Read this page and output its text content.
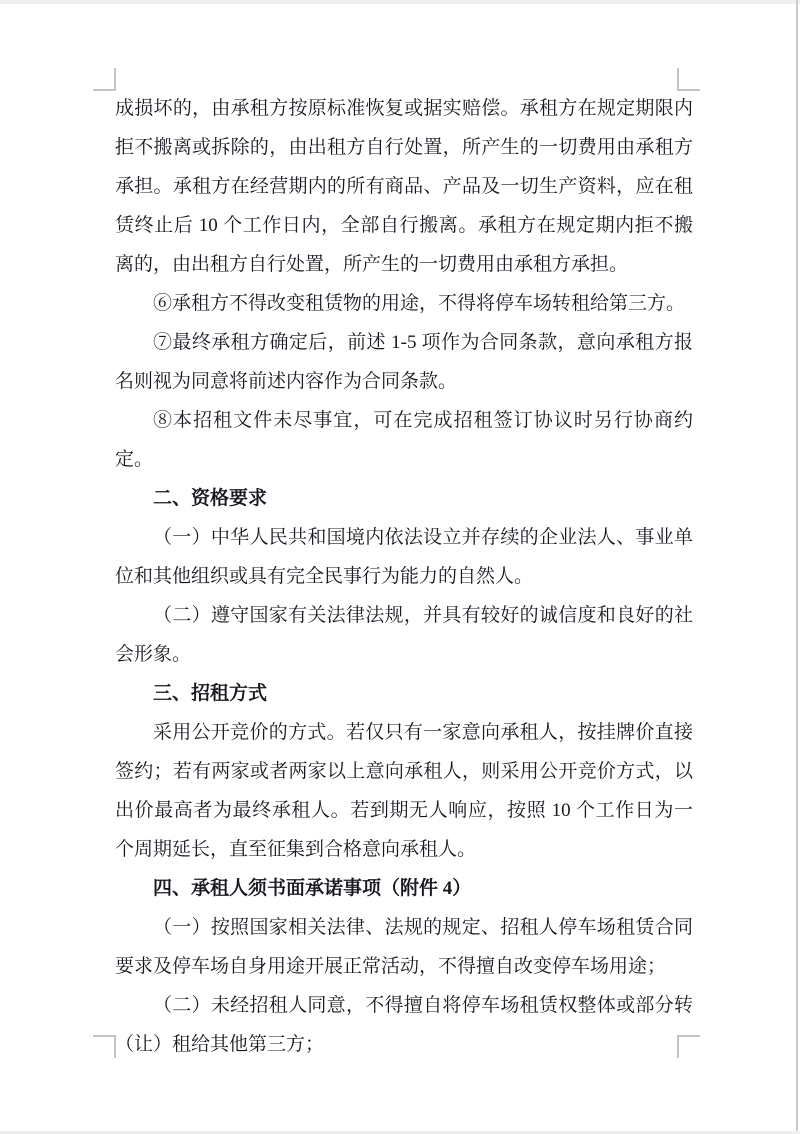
成损坏的，由承租方按原标准恢复或据实赔偿。承租方在规定期限内拒不搬离或拆除的，由出租方自行处置，所产生的一切费用由承租方承担。承租方在经营期内的所有商品、产品及一切生产资料，应在租赁终止后 10 个工作日内，全部自行搬离。承租方在规定期内拒不搬离的，由出租方自行处置，所产生的一切费用由承租方承担。

⑥承租方不得改变租赁物的用途，不得将停车场转租给第三方。

⑦最终承租方确定后，前述 1-5 项作为合同条款，意向承租方报名则视为同意将前述内容作为合同条款。

⑧本招租文件未尽事宜，可在完成招租签订协议时另行协商约定。

二、资格要求

（一）中华人民共和国境内依法设立并存续的企业法人、事业单位和其他组织或具有完全民事行为能力的自然人。

（二）遵守国家有关法律法规，并具有较好的诚信度和良好的社会形象。

三、招租方式

采用公开竞价的方式。若仅只有一家意向承租人，按挂牌价直接签约；若有两家或者两家以上意向承租人，则采用公开竞价方式，以出价最高者为最终承租人。若到期无人响应，按照 10 个工作日为一个周期延长，直至征集到合格意向承租人。

四、承租人须书面承诺事项（附件 4）

（一）按照国家相关法律、法规的规定、招租人停车场租赁合同要求及停车场自身用途开展正常活动，不得擅自改变停车场用途；

（二）未经招租人同意，不得擅自将停车场租赁权整体或部分转（让）租给其他第三方；
